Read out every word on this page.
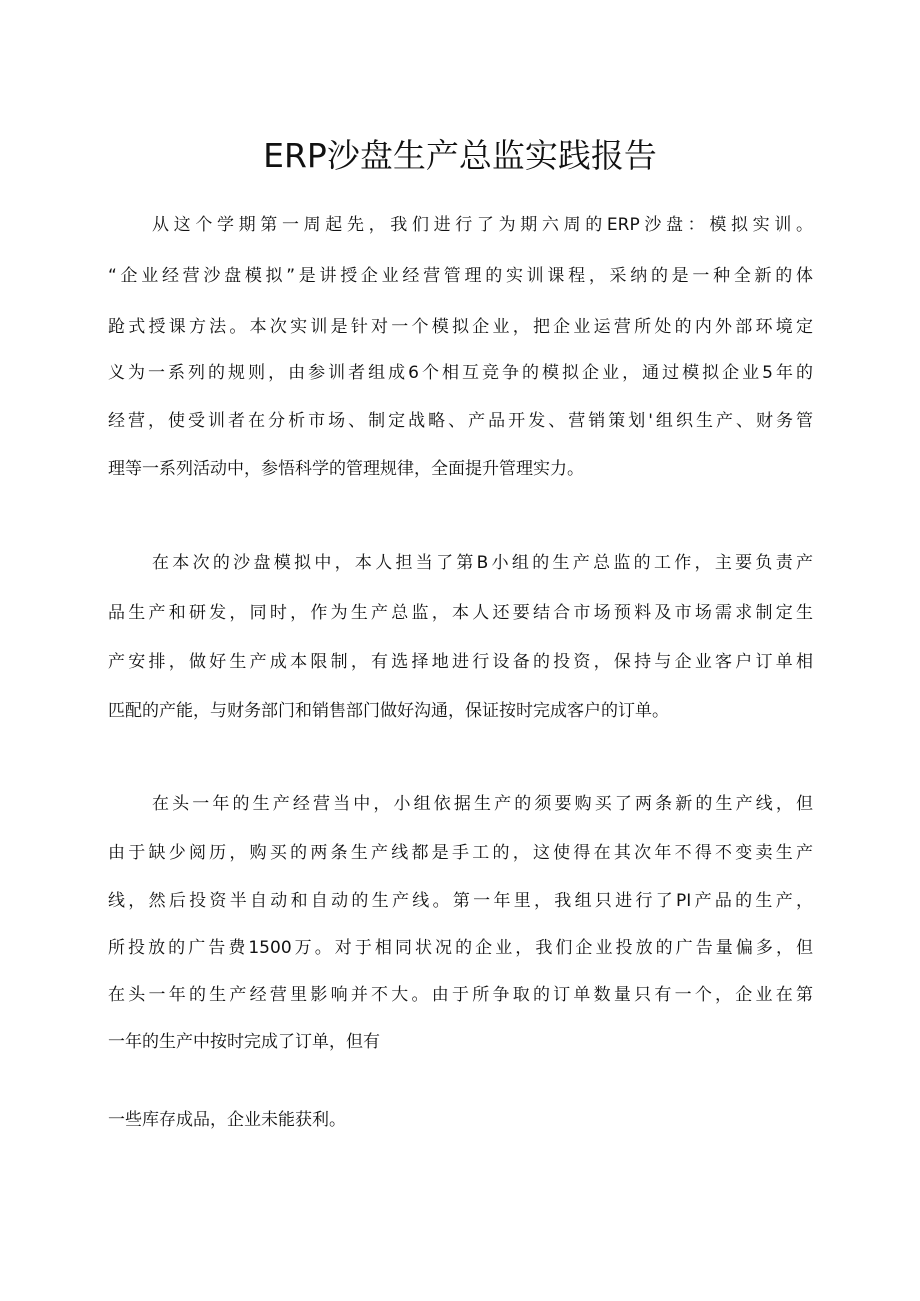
ERP沙盘生产总监实践报告
从这个学期第一周起先，我们进行了为期六周的ERP沙盘：模拟实训。
“企业经营沙盘模拟”是讲授企业经营管理的实训课程，采纳的是一种全新的体
跄式授课方法。本次实训是针对一个模拟企业，把企业运营所处的内外部环境定
义为一系列的规则，由参训者组成6个相互竞争的模拟企业，通过模拟企业5年的
经营，使受训者在分析市场、制定战略、产品开发、营销策划'组织生产、财务管
理等一系列活动中，参悟科学的管理规律，全面提升管理实力。
在本次的沙盘模拟中，本人担当了第B小组的生产总监的工作，主要负责产
品生产和研发，同时，作为生产总监，本人还要结合市场预料及市场需求制定生
产安排，做好生产成本限制，有选择地进行设备的投资，保持与企业客户订单相
匹配的产能，与财务部门和销售部门做好沟通，保证按时完成客户的订单。
在头一年的生产经营当中，小组依据生产的须要购买了两条新的生产线，但
由于缺少阅历，购买的两条生产线都是手工的，这使得在其次年不得不变卖生产
线，然后投资半自动和自动的生产线。第一年里，我组只进行了PI产品的生产，
所投放的广告费1500万。对于相同状况的企业，我们企业投放的广告量偏多，但
在头一年的生产经营里影响并不大。由于所争取的订单数量只有一个，企业在第
一年的生产中按时完成了订单，但有
一些库存成品，企业未能获利。
